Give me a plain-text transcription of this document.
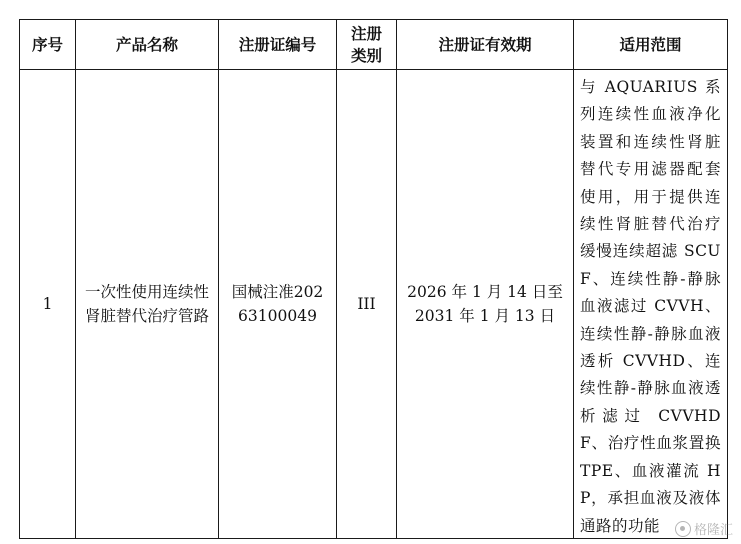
序号	产品名称	注册证编号	注册类别	注册证有效期	适用范围
1	一次性使用连续性肾脏替代治疗管路	国械注准20263100049	III	2026 年 1 月 14 日至 2031 年 1 月 13 日	与 AQUARIUS 系列连续性血液净化装置和连续性肾脏替代专用滤器配套使用，用于提供连续性肾脏替代治疗缓慢连续超滤 SCUF、连续性静-静脉血液滤过 CVVH、连续性静-静脉血液透析 CVVHD、连续性静-静脉血液透析滤过 CVVHDF、治疗性血浆置换 TPE、血液灌流 HP，承担血液及液体通路的功能	格隆汇
